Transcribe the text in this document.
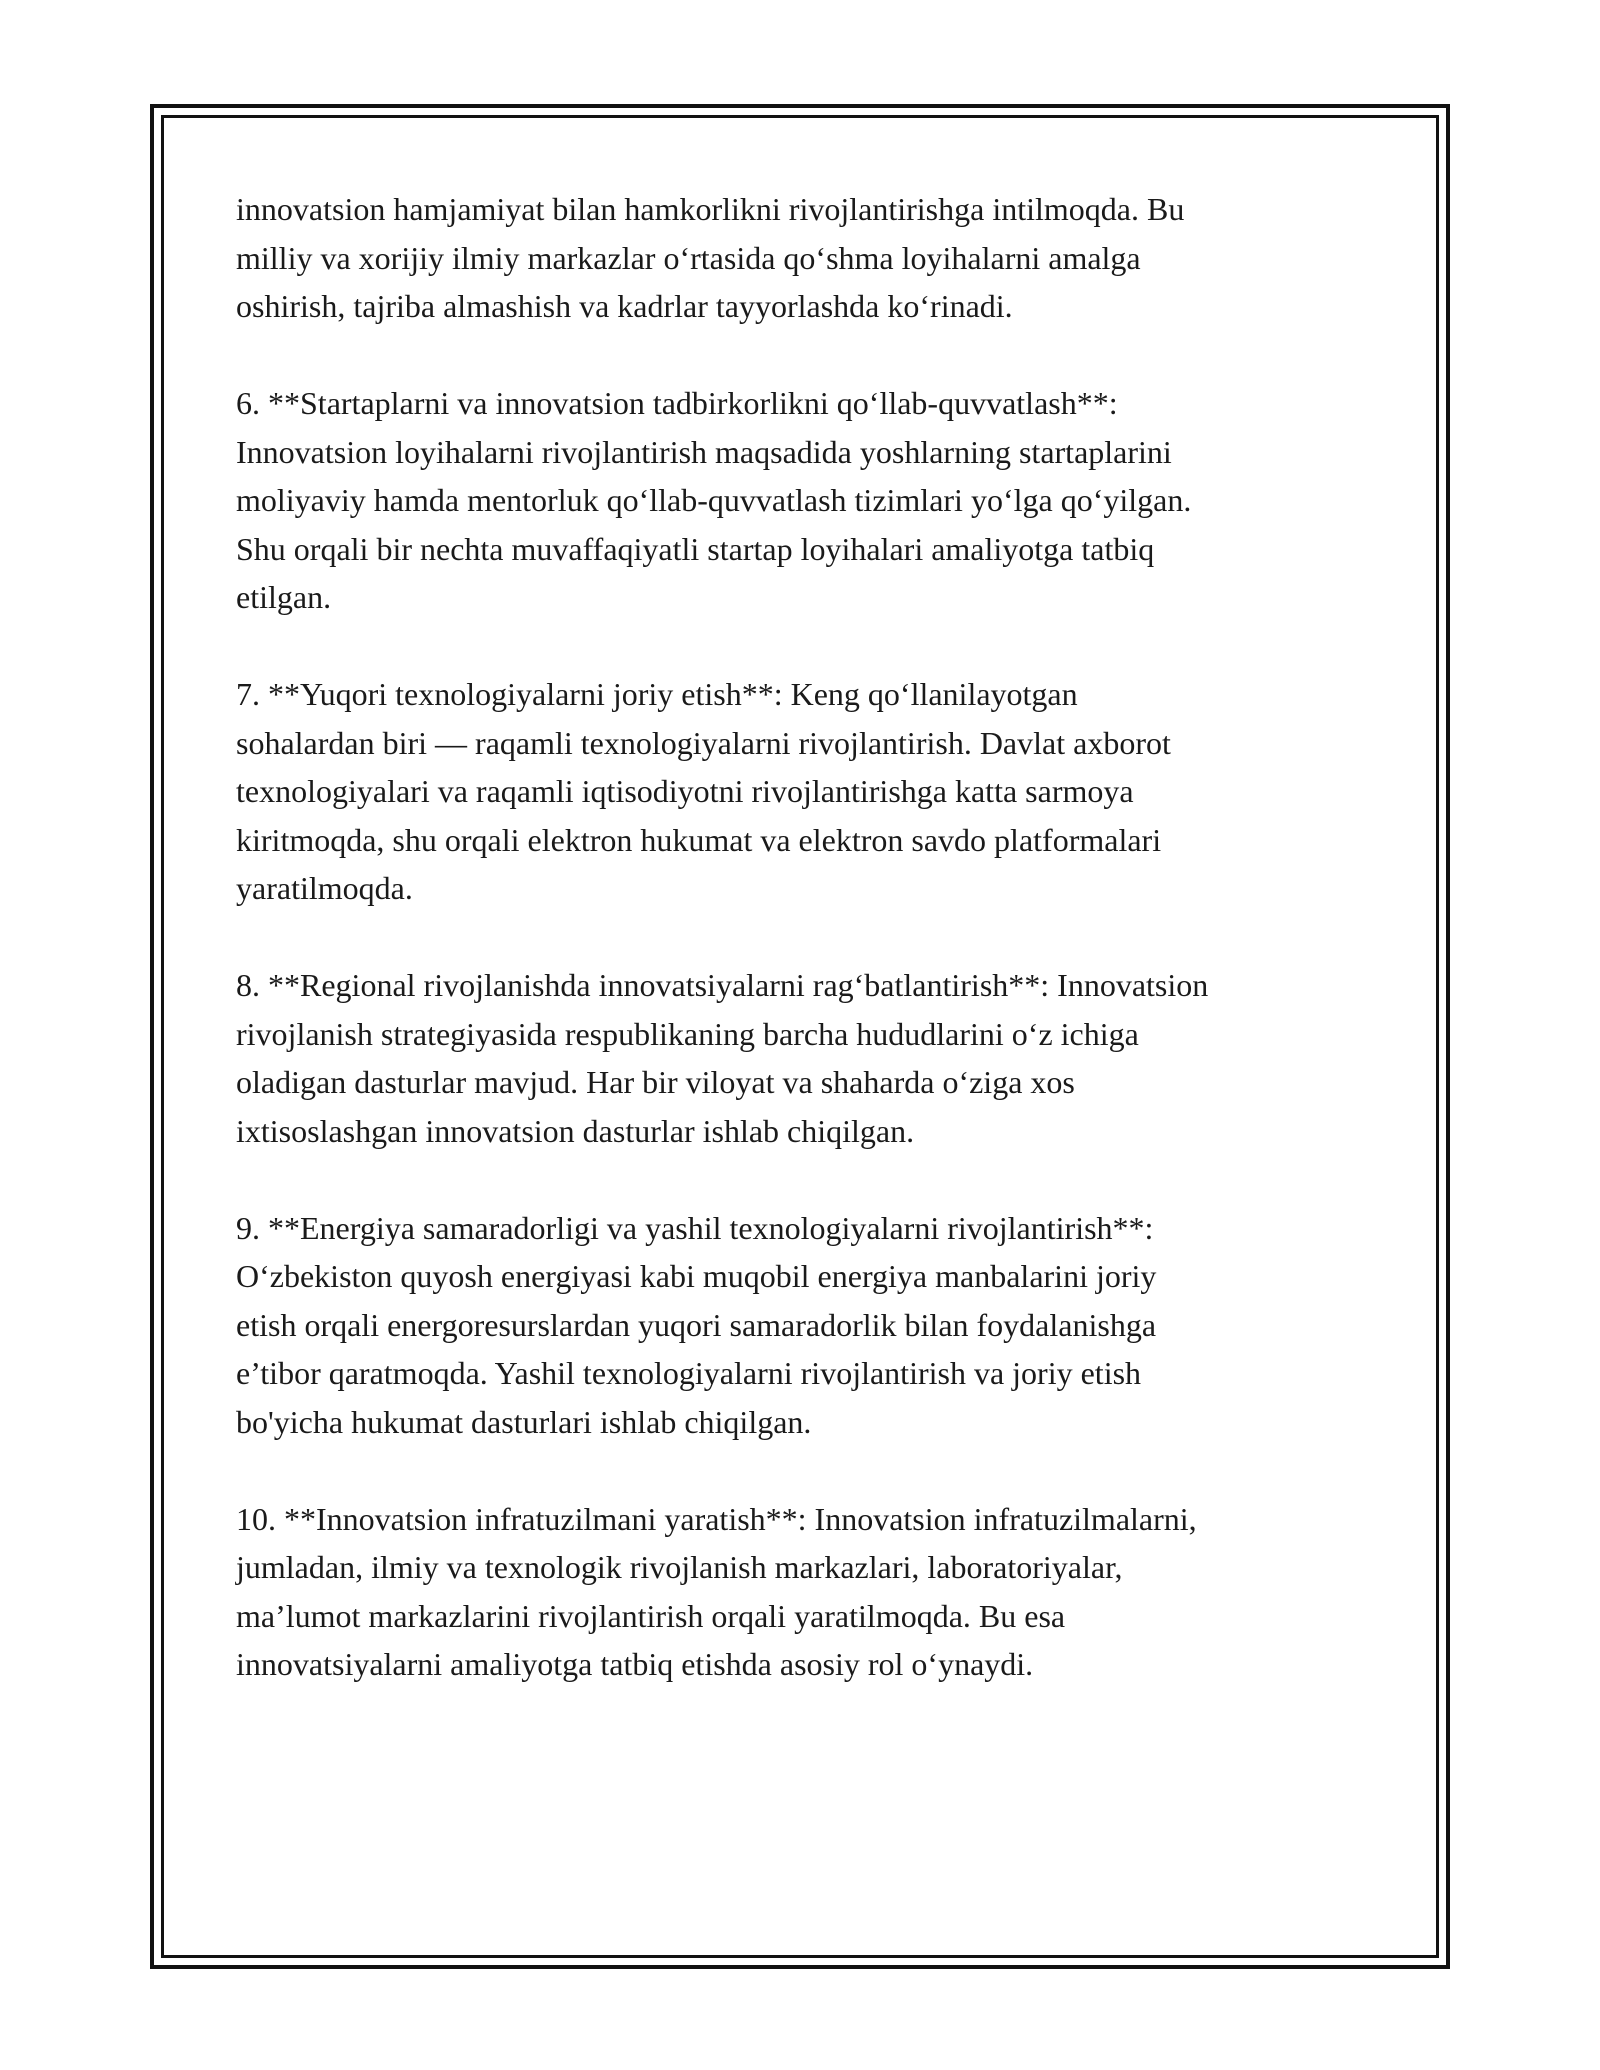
innovatsion hamjamiyat bilan hamkorlikni rivojlantirishga intilmoqda. Bu
milliy va xorijiy ilmiy markazlar o‘rtasida qo‘shma loyihalarni amalga
oshirish, tajriba almashish va kadrlar tayyorlashda ko‘rinadi.

6. **Startaplarni va innovatsion tadbirkorlikni qo‘llab-quvvatlash**:
Innovatsion loyihalarni rivojlantirish maqsadida yoshlarning startaplarini
moliyaviy hamda mentorluk qo‘llab-quvvatlash tizimlari yo‘lga qo‘yilgan.
Shu orqali bir nechta muvaffaqiyatli startap loyihalari amaliyotga tatbiq
etilgan.

7. **Yuqori texnologiyalarni joriy etish**: Keng qo‘llanilayotgan
sohalardan biri — raqamli texnologiyalarni rivojlantirish. Davlat axborot
texnologiyalari va raqamli iqtisodiyotni rivojlantirishga katta sarmoya
kiritmoqda, shu orqali elektron hukumat va elektron savdo platformalari
yaratilmoqda.

8. **Regional rivojlanishda innovatsiyalarni rag‘batlantirish**: Innovatsion
rivojlanish strategiyasida respublikaning barcha hududlarini o‘z ichiga
oladigan dasturlar mavjud. Har bir viloyat va shaharda o‘ziga xos
ixtisoslashgan innovatsion dasturlar ishlab chiqilgan.

9. **Energiya samaradorligi va yashil texnologiyalarni rivojlantirish**:
O‘zbekiston quyosh energiyasi kabi muqobil energiya manbalarini joriy
etish orqali energoresurslardan yuqori samaradorlik bilan foydalanishga
e’tibor qaratmoqda. Yashil texnologiyalarni rivojlantirish va joriy etish
bo'yicha hukumat dasturlari ishlab chiqilgan.

10. **Innovatsion infratuzilmani yaratish**: Innovatsion infratuzilmalarni,
jumladan, ilmiy va texnologik rivojlanish markazlari, laboratoriyalar,
ma’lumot markazlarini rivojlantirish orqali yaratilmoqda. Bu esa
innovatsiyalarni amaliyotga tatbiq etishda asosiy rol o‘ynaydi.
